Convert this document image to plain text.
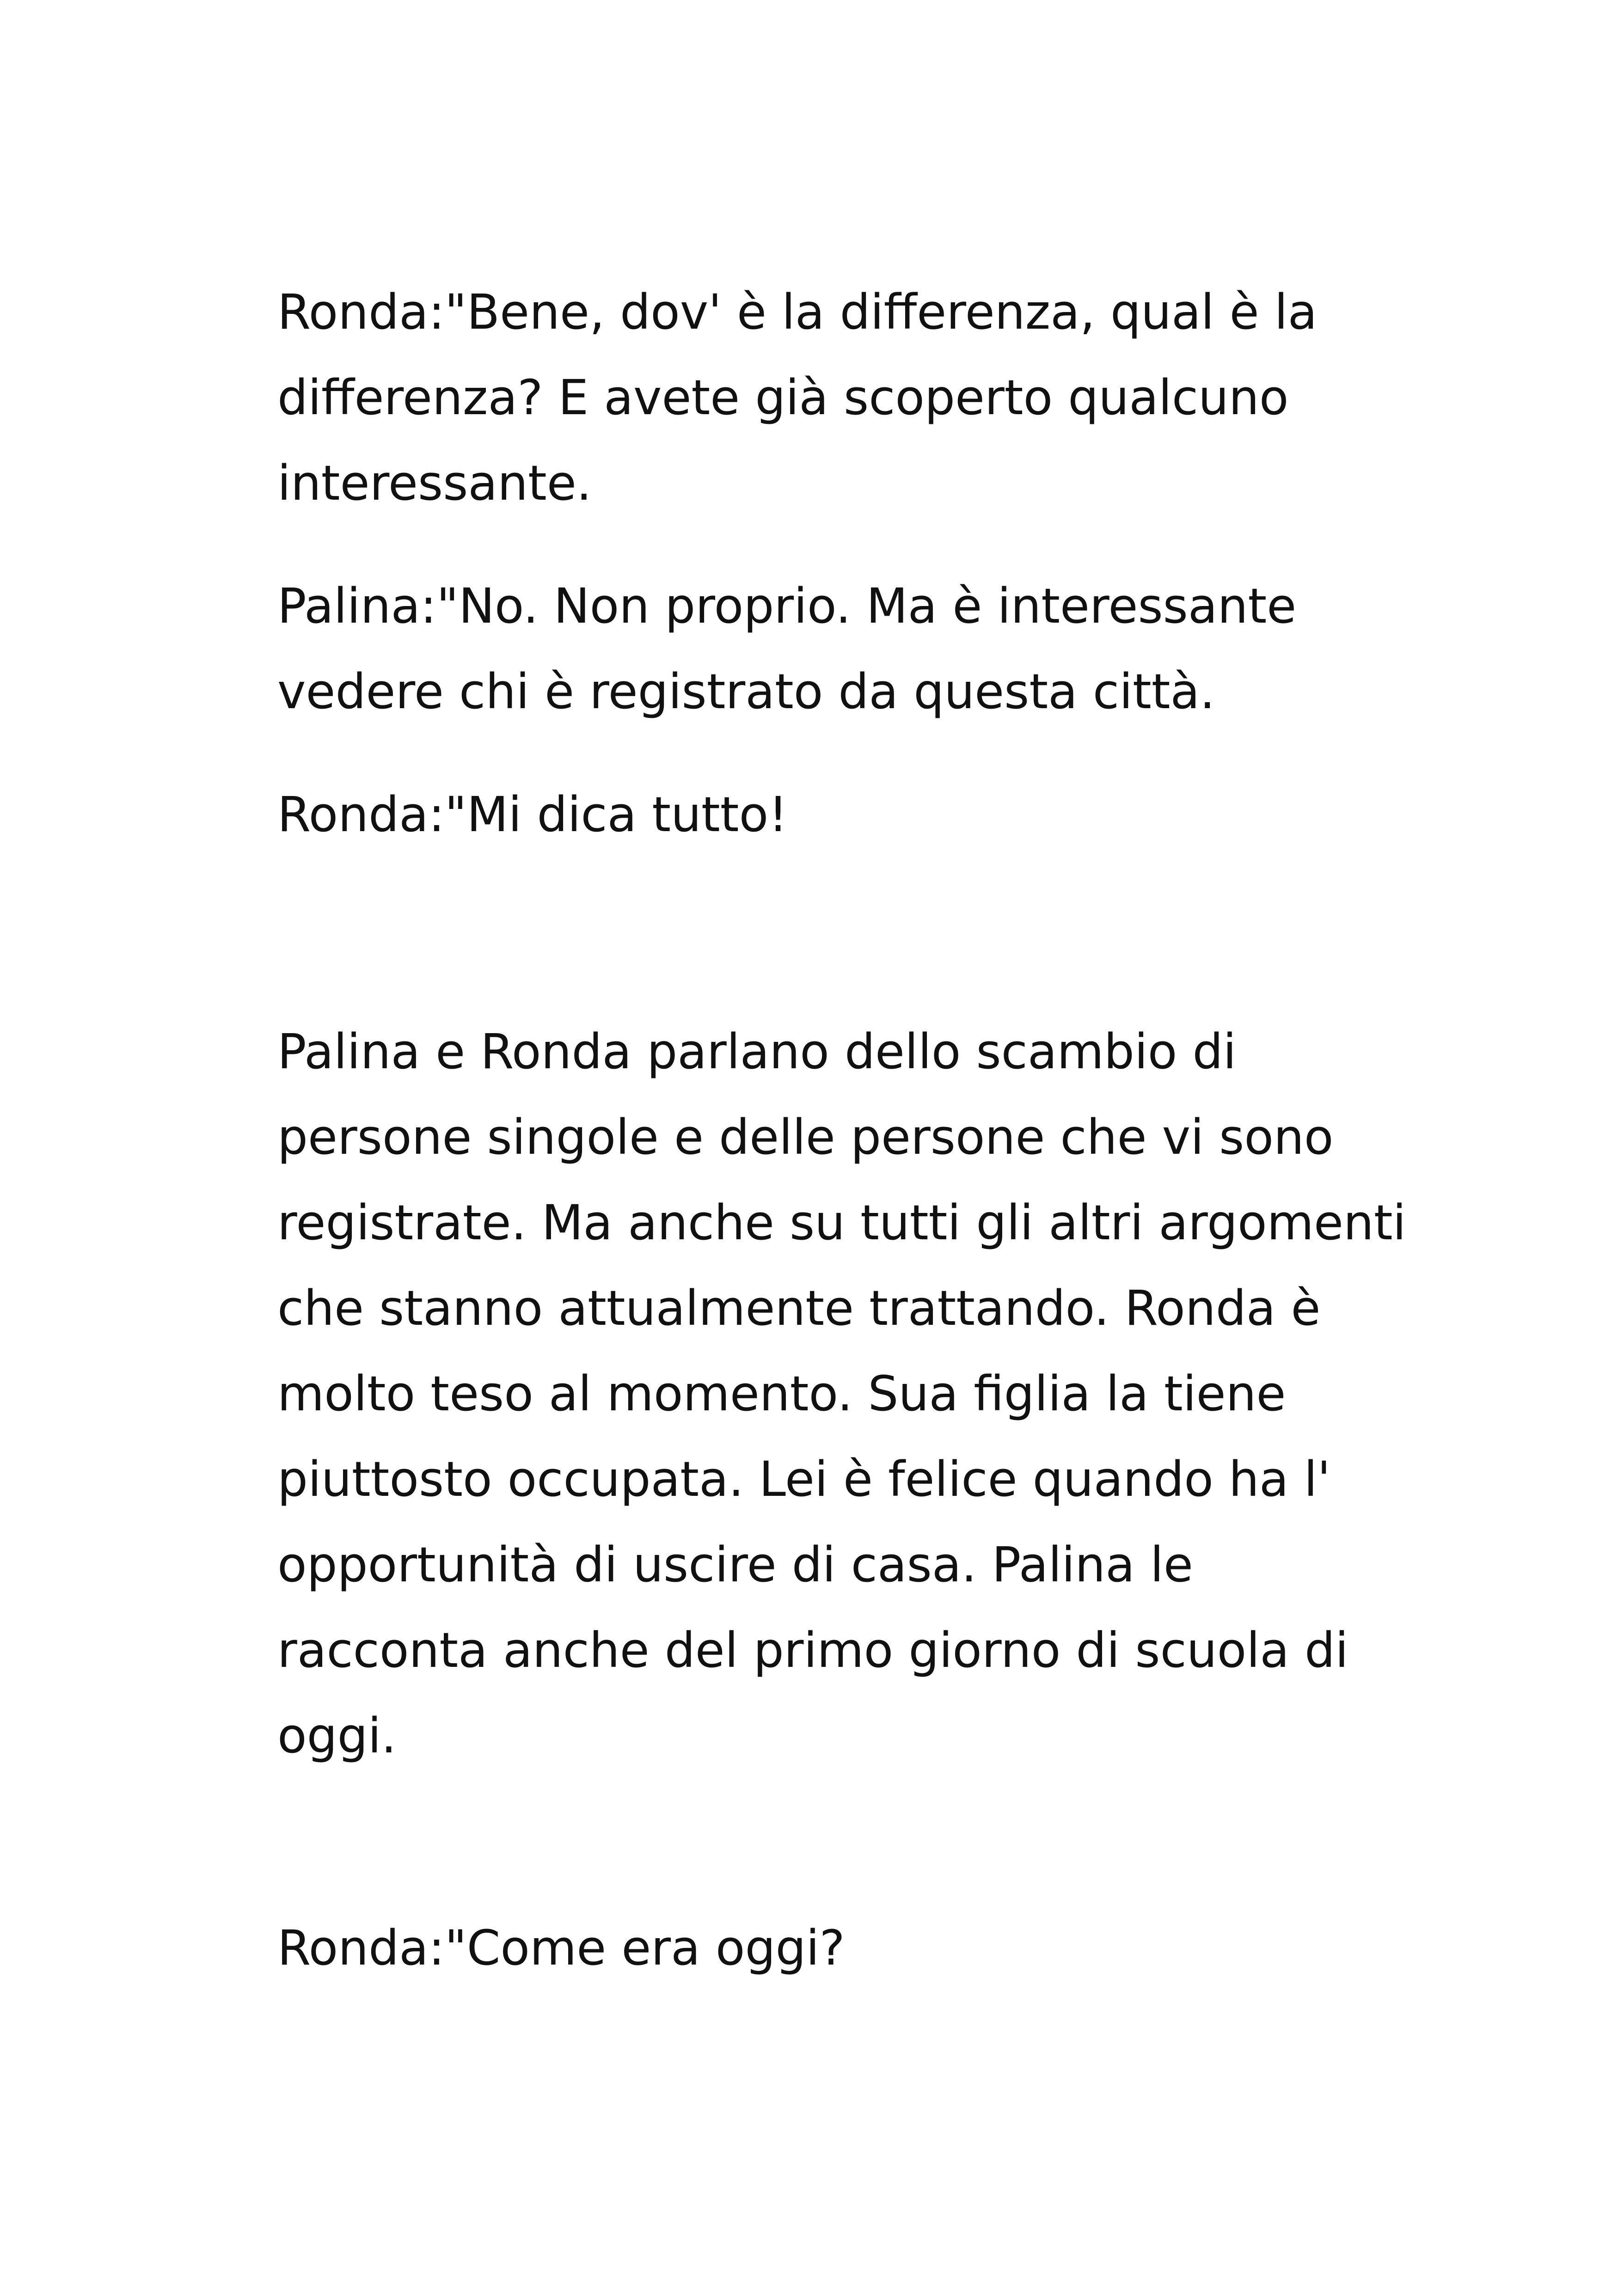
Ronda:"Bene, dov' è la differenza, qual è la
differenza? E avete già scoperto qualcuno
interessante.

Palina:"No. Non proprio. Ma è interessante
vedere chi è registrato da questa città.

Ronda:"Mi dica tutto!

Palina e Ronda parlano dello scambio di
persone singole e delle persone che vi sono
registrate. Ma anche su tutti gli altri argomenti
che stanno attualmente trattando. Ronda è
molto teso al momento. Sua figlia la tiene
piuttosto occupata. Lei è felice quando ha l'
opportunità di uscire di casa. Palina le
racconta anche del primo giorno di scuola di
oggi.

Ronda:"Come era oggi?
